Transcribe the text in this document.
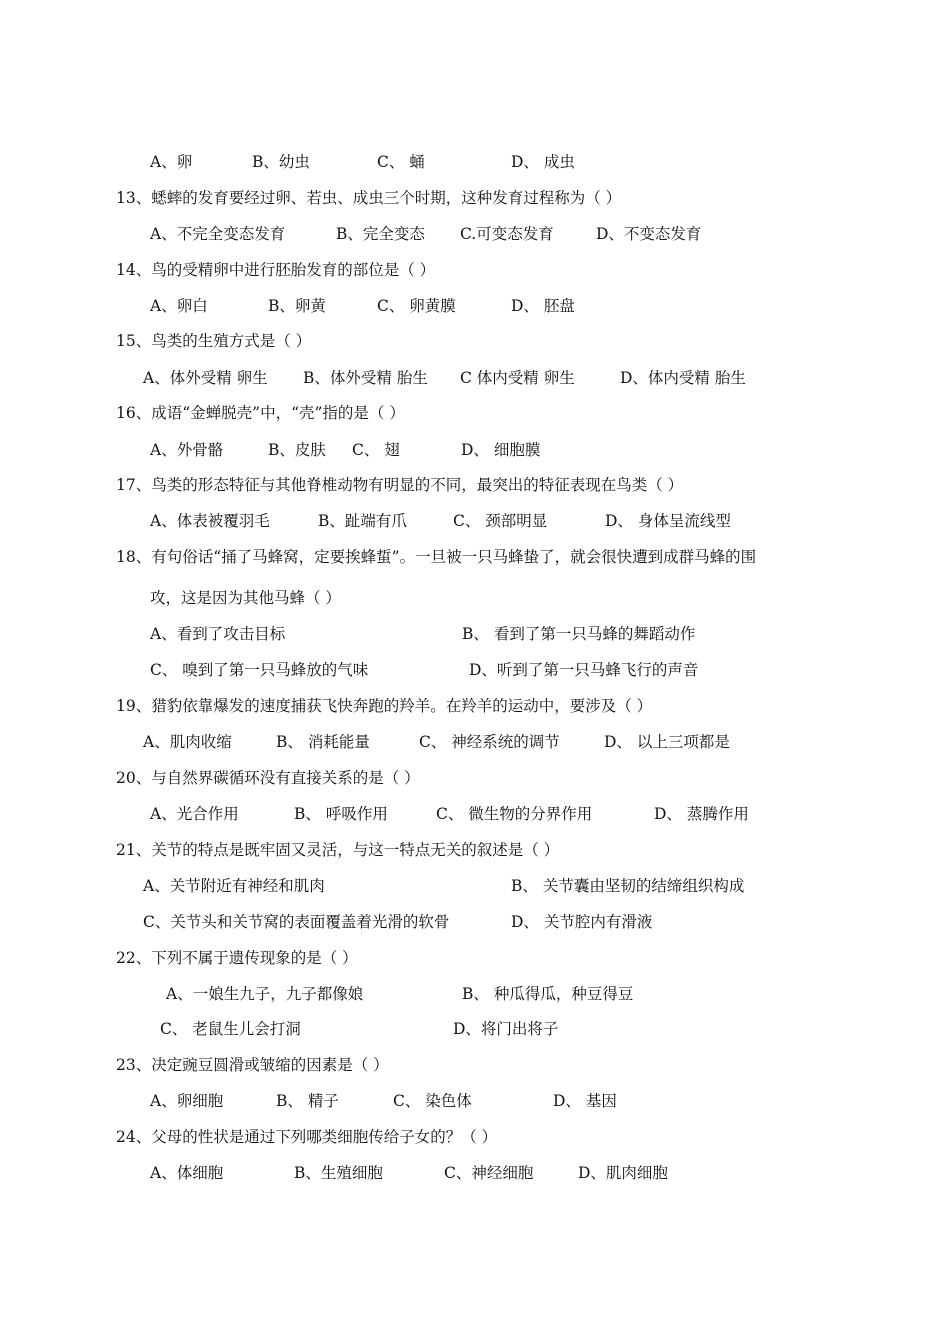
A、卵	B、幼虫	C、 蛹	D、 成虫
13、蟋蟀的发育要经过卵、若虫、成虫三个时期，这种发育过程称为（ ）
A、不完全变态发育	B、完全变态 C.可变态发育	D、不变态发育
14、鸟的受精卵中进行胚胎发育的部位是（ ）
A、卵白	B、卵黄	C、 卵黄膜	D、 胚盘
15、鸟类的生殖方式是（ ）
A、体外受精 卵生 B、体外受精 胎生 C 体内受精 卵生	D、体内受精 胎生
16、成语“金蝉脱壳”中，“壳”指的是（ ）
A、外骨骼	B、皮肤 C、 翅	D、 细胞膜
17、鸟类的形态特征与其他脊椎动物有明显的不同，最突出的特征表现在鸟类（ ）
A、体表被覆羽毛	B、趾端有爪	C、 颈部明显	D、 身体呈流线型
18、有句俗话“捅了马蜂窝，定要挨蜂蜇”。一旦被一只马蜂蛰了，就会很快遭到成群马蜂的围
攻，这是因为其他马蜂（ ）
A、看到了攻击目标	B、 看到了第一只马蜂的舞蹈动作
C、 嗅到了第一只马蜂放的气味	D、听到了第一只马蜂飞行的声音
19、猎豹依靠爆发的速度捕获飞快奔跑的羚羊。在羚羊的运动中，要涉及（ ）
A、肌肉收缩	B、 消耗能量	C、 神经系统的调节	D、 以上三项都是
20、与自然界碳循环没有直接关系的是（ ）
A、光合作用	B、 呼吸作用	C、 微生物的分界作用	D、 蒸腾作用
21、关节的特点是既牢固又灵活，与这一特点无关的叙述是（ ）
A、关节附近有神经和肌肉	B、 关节囊由坚韧的结缔组织构成
C、关节头和关节窝的表面覆盖着光滑的软骨	D、 关节腔内有滑液
22、下列不属于遗传现象的是（ ）
A、一娘生九子，九子都像娘	B、 种瓜得瓜，种豆得豆
C、 老鼠生儿会打洞	D、将门出将子
23、决定豌豆圆滑或皱缩的因素是（ ）
A、卵细胞	B、 精子	C、 染色体	D、 基因
24、父母的性状是通过下列哪类细胞传给子女的？（ ）
A、体细胞	B、生殖细胞	C、神经细胞	D、肌肉细胞
